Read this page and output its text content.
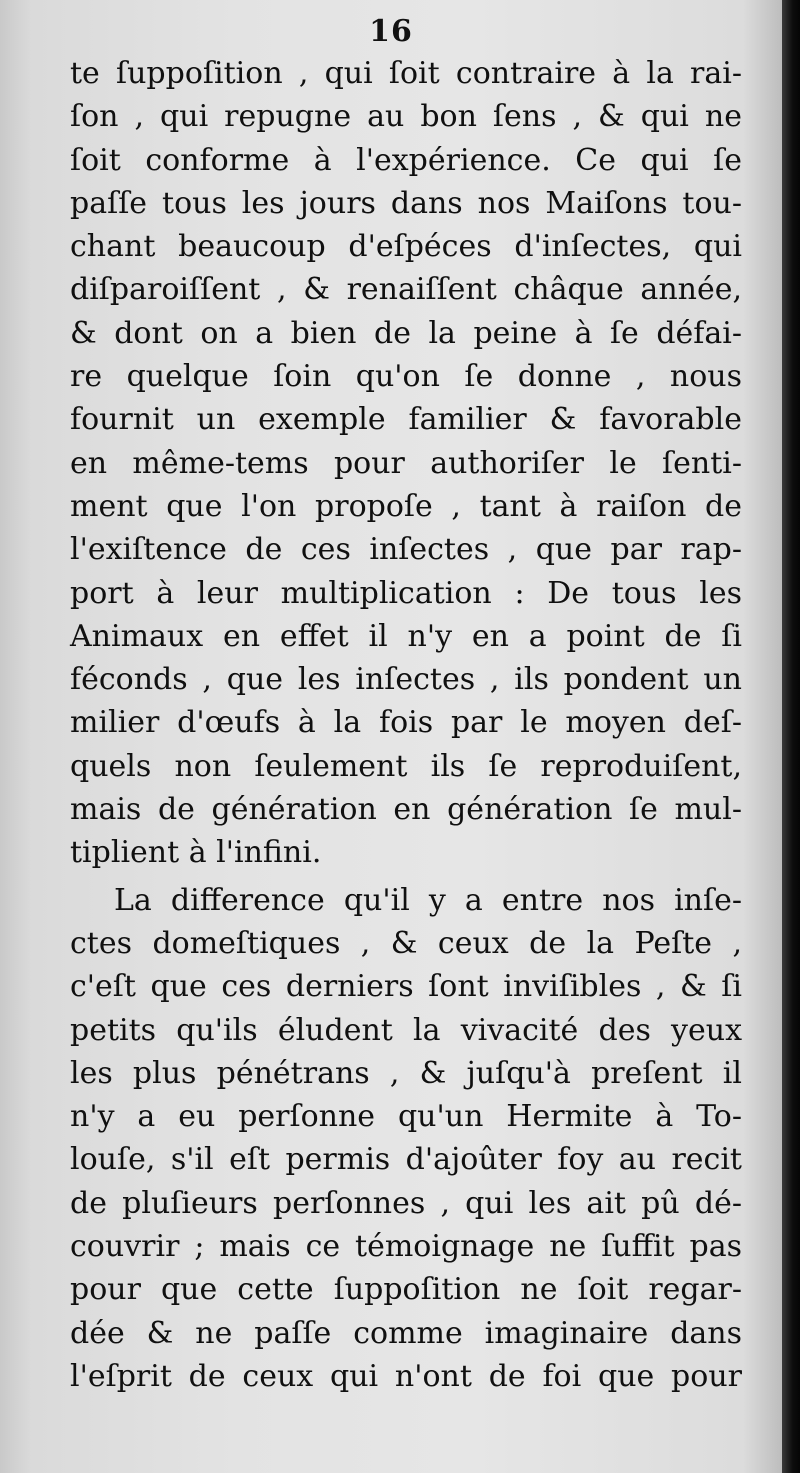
16
te ſuppoſition , qui ſoit contraire à la rai-
ſon , qui repugne au bon ſens , & qui ne
ſoit conforme à l'expérience. Ce qui ſe
paſſe tous les jours dans nos Maiſons tou-
chant beaucoup d'eſpéces d'inſectes, qui
diſparoiſſent , & renaiſſent châque année,
& dont on a bien de la peine à ſe défai-
re quelque ſoin qu'on ſe donne , nous
fournit un exemple familier & favorable
en même-tems pour authoriſer le ſenti-
ment que l'on propoſe , tant à raiſon de
l'exiſtence de ces inſectes , que par rap-
port à leur multiplication : De tous les
Animaux en effet il n'y en a point de ſi
féconds , que les inſectes , ils pondent un
milier d'œufs à la fois par le moyen deſ-
quels non ſeulement ils ſe reproduiſent,
mais de génération en génération ſe mul-
tiplient à l'infini.
La difference qu'il y a entre nos inſe-
ctes domeſtiques , & ceux de la Peſte ,
c'eſt que ces derniers ſont inviſibles , & ſi
petits qu'ils éludent la vivacité des yeux
les plus pénétrans , & juſqu'à preſent il
n'y a eu perſonne qu'un Hermite à To-
louſe, s'il eſt permis d'ajoûter foy au recit
de pluſieurs perſonnes , qui les ait pû dé-
couvrir ; mais ce témoignage ne ſuffit pas
pour que cette ſuppoſition ne ſoit regar-
dée & ne paſſe comme imaginaire dans
l'eſprit de ceux qui n'ont de foi que pour
